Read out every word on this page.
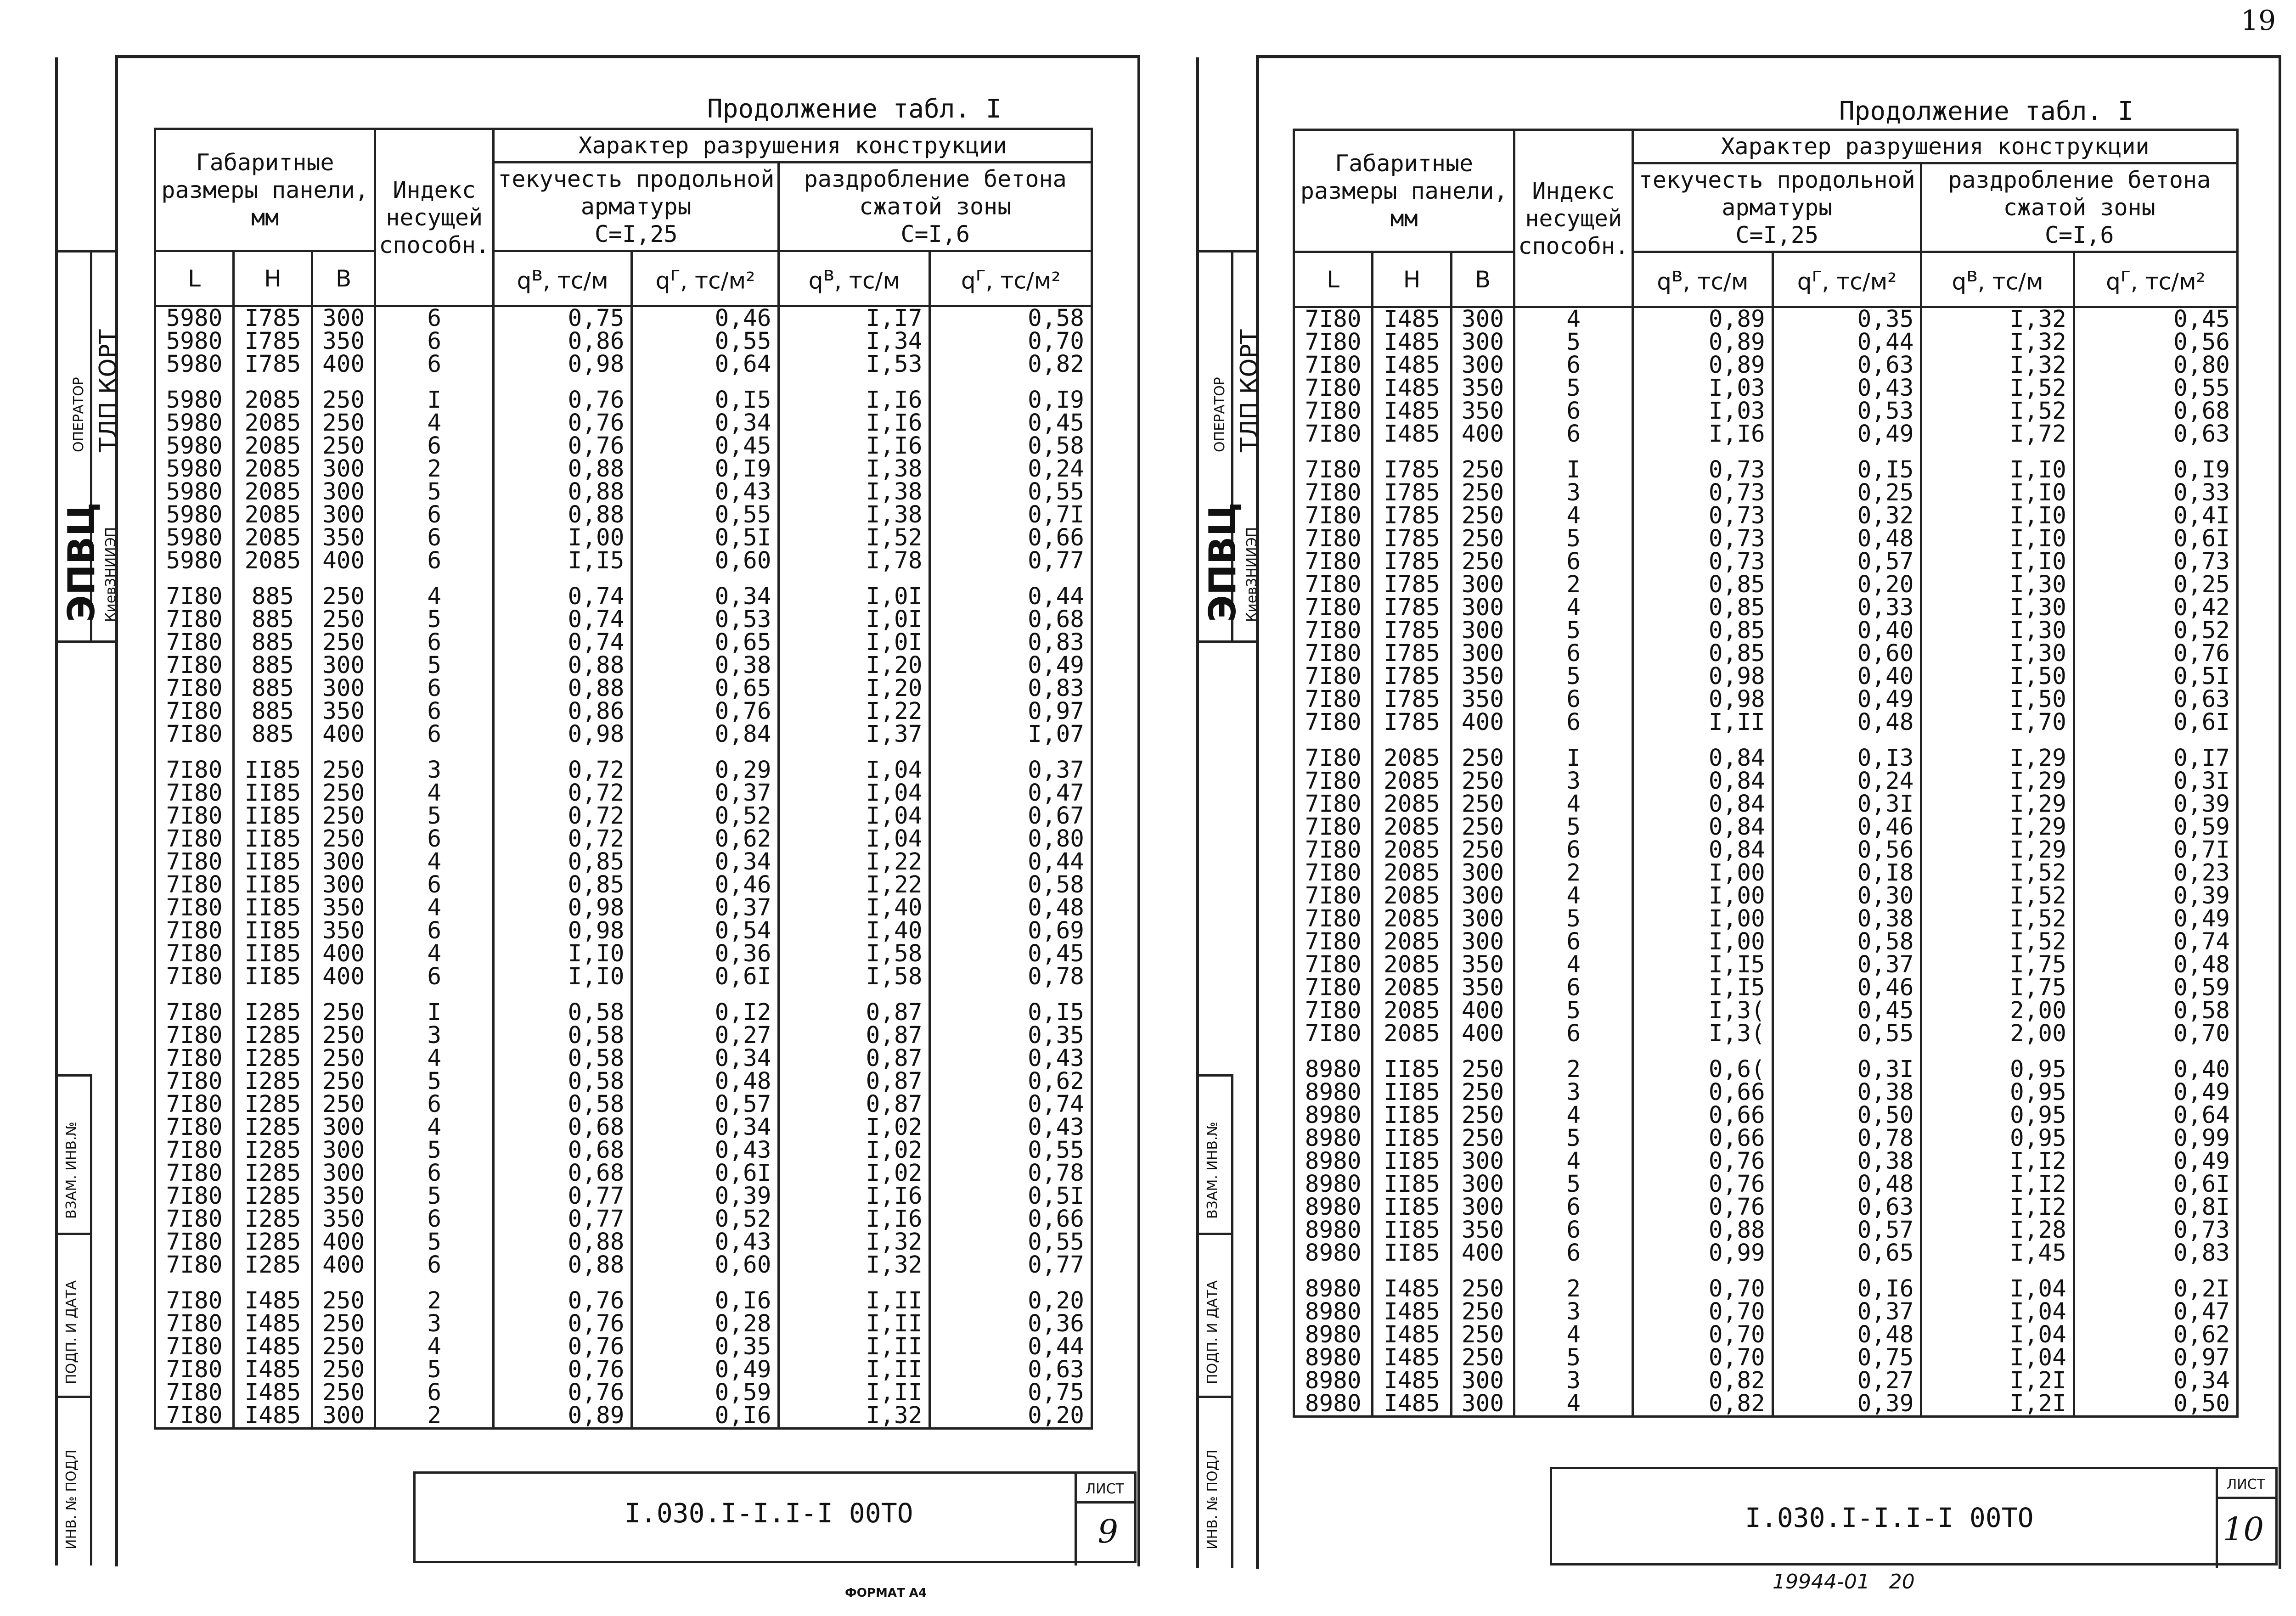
19
ЭПВЦ КиевЗНИИЭП
ОПЕРАТОР ТЛП КОРТ
ВЗАМ. ИНВ.№
ПОДП. И ДАТА
ИНВ. № ПОДЛ
Продолжение табл. I
Габаритные размеры панели, мм			Индекс несущей способн.	Характер разрушения конструкции			
				текучесть продольной арматуры
С=I,25		раздробление бетона сжатой зоны
С=I,6	
L	H	B		$q^в$, тс/м	$q^г$, тс/м²	$q^в$, тс/м	$q^г$, тс/м²
5980	I785	300	6	0,75	0,46	I,I7	0,58
5980	I785	350	6	0,86	0,55	I,34	0,70
5980	I785	400	6	0,98	0,64	I,53	0,82

5980	2085	250	I	0,76	0,I5	I,I6	0,I9
5980	2085	250	4	0,76	0,34	I,I6	0,45
5980	2085	250	6	0,76	0,45	I,I6	0,58
5980	2085	300	2	0,88	0,I9	I,38	0,24
5980	2085	300	5	0,88	0,43	I,38	0,55
5980	2085	300	6	0,88	0,55	I,38	0,7I
5980	2085	350	6	I,00	0,5I	I,52	0,66
5980	2085	400	6	I,I5	0,60	I,78	0,77

7I80	885	250	4	0,74	0,34	I,0I	0,44
7I80	885	250	5	0,74	0,53	I,0I	0,68
7I80	885	250	6	0,74	0,65	I,0I	0,83
7I80	885	300	5	0,88	0,38	I,20	0,49
7I80	885	300	6	0,88	0,65	I,20	0,83
7I80	885	350	6	0,86	0,76	I,22	0,97
7I80	885	400	6	0,98	0,84	I,37	I,07

7I80	II85	250	3	0,72	0,29	I,04	0,37
7I80	II85	250	4	0,72	0,37	I,04	0,47
7I80	II85	250	5	0,72	0,52	I,04	0,67
7I80	II85	250	6	0,72	0,62	I,04	0,80
7I80	II85	300	4	0,85	0,34	I,22	0,44
7I80	II85	300	6	0,85	0,46	I,22	0,58
7I80	II85	350	4	0,98	0,37	I,40	0,48
7I80	II85	350	6	0,98	0,54	I,40	0,69
7I80	II85	400	4	I,I0	0,36	I,58	0,45
7I80	II85	400	6	I,I0	0,6I	I,58	0,78

7I80	I285	250	I	0,58	0,I2	0,87	0,I5
7I80	I285	250	3	0,58	0,27	0,87	0,35
7I80	I285	250	4	0,58	0,34	0,87	0,43
7I80	I285	250	5	0,58	0,48	0,87	0,62
7I80	I285	250	6	0,58	0,57	0,87	0,74
7I80	I285	300	4	0,68	0,34	I,02	0,43
7I80	I285	300	5	0,68	0,43	I,02	0,55
7I80	I285	300	6	0,68	0,6I	I,02	0,78
7I80	I285	350	5	0,77	0,39	I,I6	0,5I
7I80	I285	350	6	0,77	0,52	I,I6	0,66
7I80	I285	400	5	0,88	0,43	I,32	0,55
7I80	I285	400	6	0,88	0,60	I,32	0,77

7I80	I485	250	2	0,76	0,I6	I,II	0,20
7I80	I485	250	3	0,76	0,28	I,II	0,36
7I80	I485	250	4	0,76	0,35	I,II	0,44
7I80	I485	250	5	0,76	0,49	I,II	0,63
7I80	I485	250	6	0,76	0,59	I,II	0,75
7I80	I485	300	2	0,89	0,I6	I,32	0,20
I.030.I-I.I-I 00ТО
ЛИСТ
9
ФОРМАТ А4
ЭПВЦ КиевЗНИИЭП
ОПЕРАТОР ТЛП КОРТ
ВЗАМ. ИНВ.№
ПОДП. И ДАТА
ИНВ. № ПОДЛ
Продолжение табл. I
Габаритные размеры панели, мм			Индекс несущей способн.	Характер разрушения конструкции			
				текучесть продольной арматуры
С=I,25		раздробление бетона сжатой зоны
С=I,6	
L	H	B		$q^в$, тс/м	$q^г$, тс/м²	$q^в$, тс/м	$q^г$, тс/м²
7I80	I485	300	4	0,89	0,35	I,32	0,45
7I80	I485	300	5	0,89	0,44	I,32	0,56
7I80	I485	300	6	0,89	0,63	I,32	0,80
7I80	I485	350	5	I,03	0,43	I,52	0,55
7I80	I485	350	6	I,03	0,53	I,52	0,68
7I80	I485	400	6	I,I6	0,49	I,72	0,63

7I80	I785	250	I	0,73	0,I5	I,I0	0,I9
7I80	I785	250	3	0,73	0,25	I,I0	0,33
7I80	I785	250	4	0,73	0,32	I,I0	0,4I
7I80	I785	250	5	0,73	0,48	I,I0	0,6I
7I80	I785	250	6	0,73	0,57	I,I0	0,73
7I80	I785	300	2	0,85	0,20	I,30	0,25
7I80	I785	300	4	0,85	0,33	I,30	0,42
7I80	I785	300	5	0,85	0,40	I,30	0,52
7I80	I785	300	6	0,85	0,60	I,30	0,76
7I80	I785	350	5	0,98	0,40	I,50	0,5I
7I80	I785	350	6	0,98	0,49	I,50	0,63
7I80	I785	400	6	I,II	0,48	I,70	0,6I

7I80	2085	250	I	0,84	0,I3	I,29	0,I7
7I80	2085	250	3	0,84	0,24	I,29	0,3I
7I80	2085	250	4	0,84	0,3I	I,29	0,39
7I80	2085	250	5	0,84	0,46	I,29	0,59
7I80	2085	250	6	0,84	0,56	I,29	0,7I
7I80	2085	300	2	I,00	0,I8	I,52	0,23
7I80	2085	300	4	I,00	0,30	I,52	0,39
7I80	2085	300	5	I,00	0,38	I,52	0,49
7I80	2085	300	6	I,00	0,58	I,52	0,74
7I80	2085	350	4	I,I5	0,37	I,75	0,48
7I80	2085	350	6	I,I5	0,46	I,75	0,59
7I80	2085	400	5	I,3(	0,45	2,00	0,58
7I80	2085	400	6	I,3(	0,55	2,00	0,70

8980	II85	250	2	0,6(	0,3I	0,95	0,40
8980	II85	250	3	0,66	0,38	0,95	0,49
8980	II85	250	4	0,66	0,50	0,95	0,64
8980	II85	250	5	0,66	0,78	0,95	0,99
8980	II85	300	4	0,76	0,38	I,I2	0,49
8980	II85	300	5	0,76	0,48	I,I2	0,6I
8980	II85	300	6	0,76	0,63	I,I2	0,8I
8980	II85	350	6	0,88	0,57	I,28	0,73
8980	II85	400	6	0,99	0,65	I,45	0,83

8980	I485	250	2	0,70	0,I6	I,04	0,2I
8980	I485	250	3	0,70	0,37	I,04	0,47
8980	I485	250	4	0,70	0,48	I,04	0,62
8980	I485	250	5	0,70	0,75	I,04	0,97
8980	I485	300	3	0,82	0,27	I,2I	0,34
8980	I485	300	4	0,82	0,39	I,2I	0,50
I.030.I-I.I-I 00ТО
ЛИСТ
10
19944-01   20
